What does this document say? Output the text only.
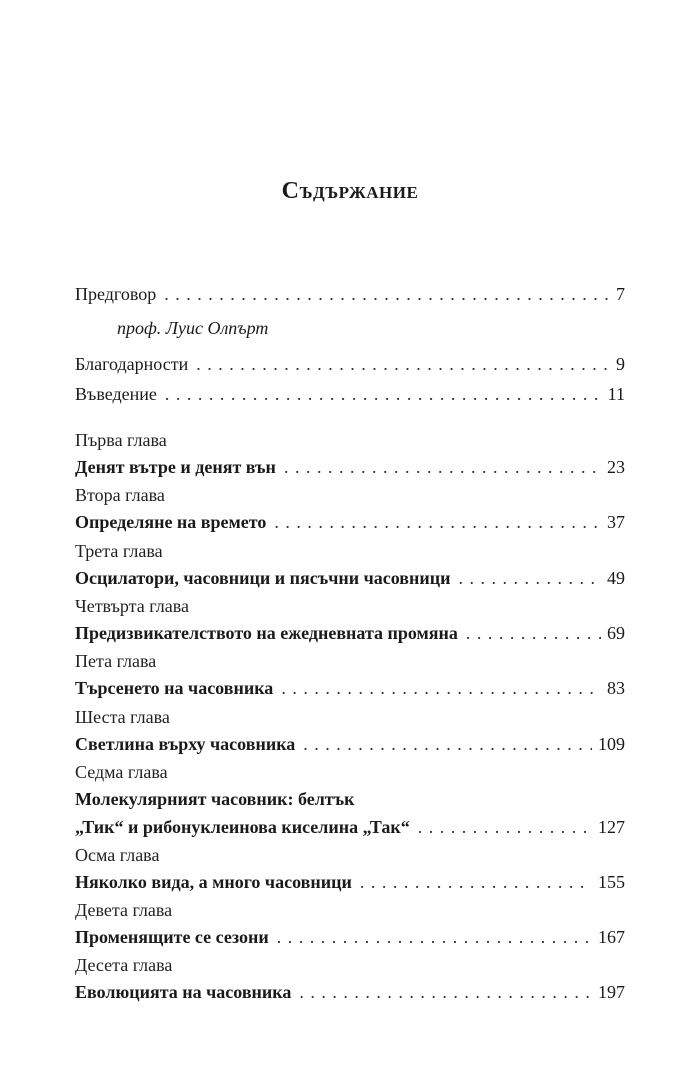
Съдържание
Предговор . . .	7
проф. Луис Олпърт
Благодарности . . .	9
Въведение . . .	11
Първа глава
Денят вътре и денят вън . . .	23
Втора глава
Определяне на времето . . .	37
Трета глава
Осцилатори, часовници и пясъчни часовници . . .	49
Четвърта глава
Предизвикателството на ежедневната промяна . . .	69
Пета глава
Търсенето на часовника . . .	83
Шеста глава
Светлина върху часовника . . .	109
Седма глава
Молекулярният часовник: белтък
„Тик“ и рибонуклеинова киселина „Так“ . . .	127
Осма глава
Няколко вида, а много часовници . . .	155
Девета глава
Променящите се сезони . . .	167
Десета глава
Еволюцията на часовника . . .	197
